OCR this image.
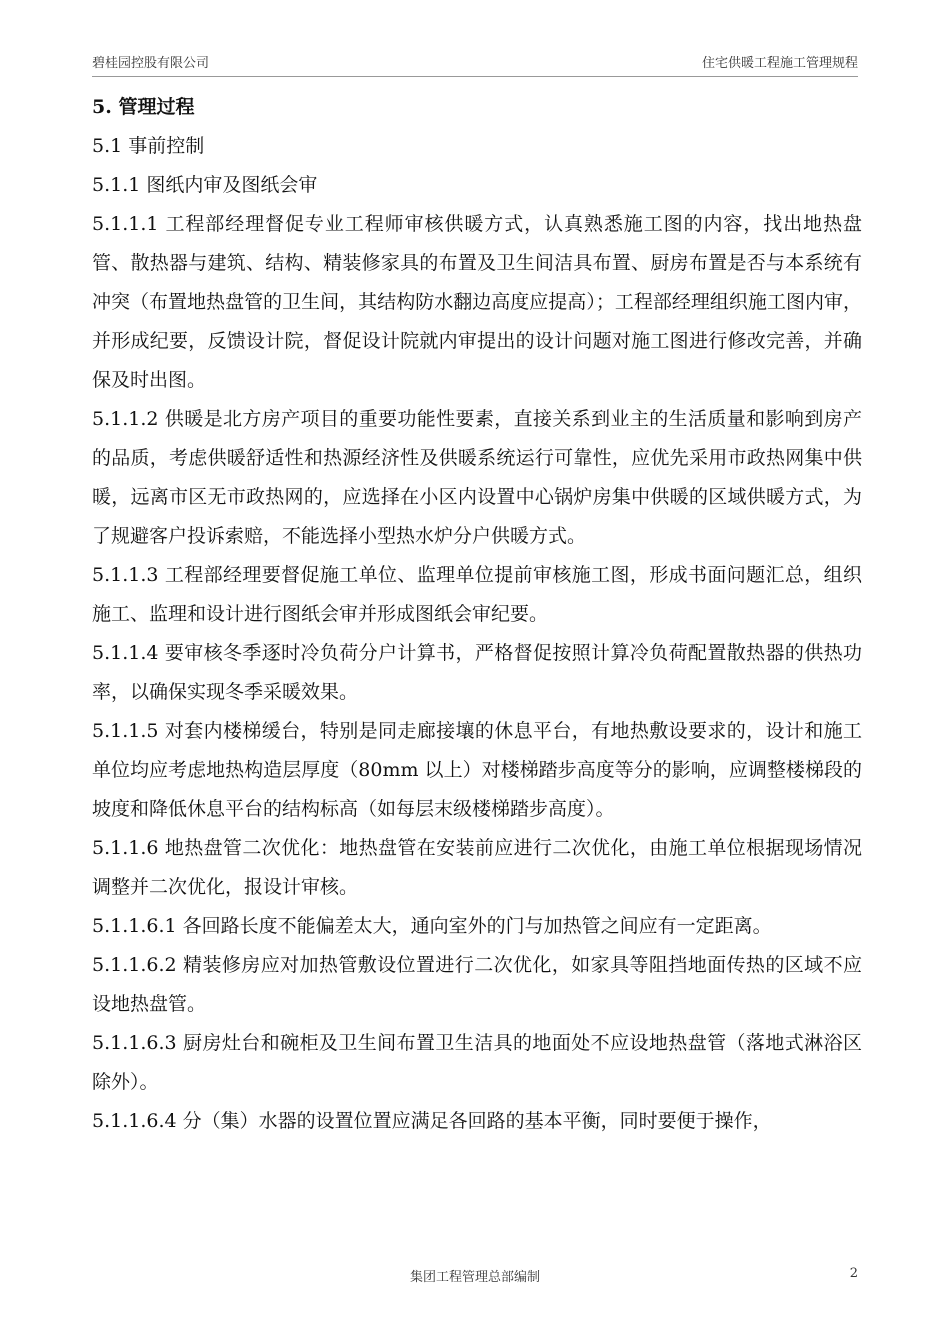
碧桂园控股有限公司	住宅供暖工程施工管理规程

5. 管理过程

5.1 事前控制

5.1.1 图纸内审及图纸会审

5.1.1.1 工程部经理督促专业工程师审核供暖方式，认真熟悉施工图的内容，找出地热盘管、散热器与建筑、结构、精装修家具的布置及卫生间洁具布置、厨房布置是否与本系统有冲突（布置地热盘管的卫生间，其结构防水翻边高度应提高）；工程部经理组织施工图内审，并形成纪要，反馈设计院，督促设计院就内审提出的设计问题对施工图进行修改完善，并确保及时出图。

5.1.1.2 供暖是北方房产项目的重要功能性要素，直接关系到业主的生活质量和影响到房产的品质，考虑供暖舒适性和热源经济性及供暖系统运行可靠性，应优先采用市政热网集中供暖，远离市区无市政热网的，应选择在小区内设置中心锅炉房集中供暖的区域供暖方式，为了规避客户投诉索赔，不能选择小型热水炉分户供暖方式。

5.1.1.3 工程部经理要督促施工单位、监理单位提前审核施工图，形成书面问题汇总，组织施工、监理和设计进行图纸会审并形成图纸会审纪要。

5.1.1.4 要审核冬季逐时冷负荷分户计算书，严格督促按照计算冷负荷配置散热器的供热功率，以确保实现冬季采暖效果。

5.1.1.5 对套内楼梯缓台，特别是同走廊接壤的休息平台，有地热敷设要求的，设计和施工单位均应考虑地热构造层厚度（80mm 以上）对楼梯踏步高度等分的影响，应调整楼梯段的坡度和降低休息平台的结构标高（如每层末级楼梯踏步高度）。

5.1.1.6 地热盘管二次优化：地热盘管在安装前应进行二次优化，由施工单位根据现场情况调整并二次优化，报设计审核。

5.1.1.6.1 各回路长度不能偏差太大，通向室外的门与加热管之间应有一定距离。

5.1.1.6.2 精装修房应对加热管敷设位置进行二次优化，如家具等阻挡地面传热的区域不应设地热盘管。

5.1.1.6.3 厨房灶台和碗柜及卫生间布置卫生洁具的地面处不应设地热盘管（落地式淋浴区除外）。

5.1.1.6.4 分（集）水器的设置位置应满足各回路的基本平衡，同时要便于操作，

集团工程管理总部编制	2
